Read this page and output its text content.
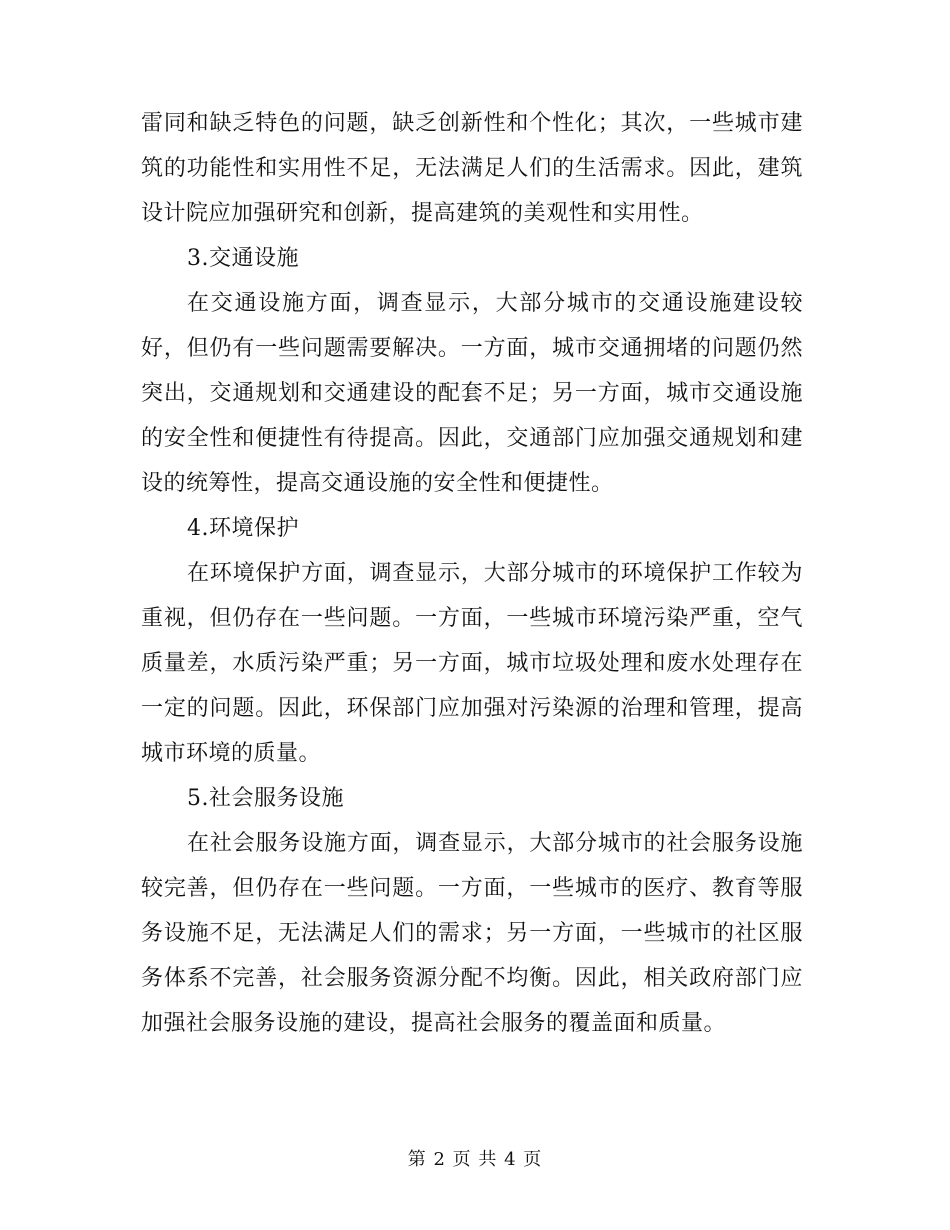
雷同和缺乏特色的问题，缺乏创新性和个性化；其次，一些城市建筑的功能性和实用性不足，无法满足人们的生活需求。因此，建筑设计院应加强研究和创新，提高建筑的美观性和实用性。

3.交通设施

在交通设施方面，调查显示，大部分城市的交通设施建设较好，但仍有一些问题需要解决。一方面，城市交通拥堵的问题仍然突出，交通规划和交通建设的配套不足；另一方面，城市交通设施的安全性和便捷性有待提高。因此，交通部门应加强交通规划和建设的统筹性，提高交通设施的安全性和便捷性。

4.环境保护

在环境保护方面，调查显示，大部分城市的环境保护工作较为重视，但仍存在一些问题。一方面，一些城市环境污染严重，空气质量差，水质污染严重；另一方面，城市垃圾处理和废水处理存在一定的问题。因此，环保部门应加强对污染源的治理和管理，提高城市环境的质量。

5.社会服务设施

在社会服务设施方面，调查显示，大部分城市的社会服务设施较完善，但仍存在一些问题。一方面，一些城市的医疗、教育等服务设施不足，无法满足人们的需求；另一方面，一些城市的社区服务体系不完善，社会服务资源分配不均衡。因此，相关政府部门应加强社会服务设施的建设，提高社会服务的覆盖面和质量。

第 2 页 共 4 页
